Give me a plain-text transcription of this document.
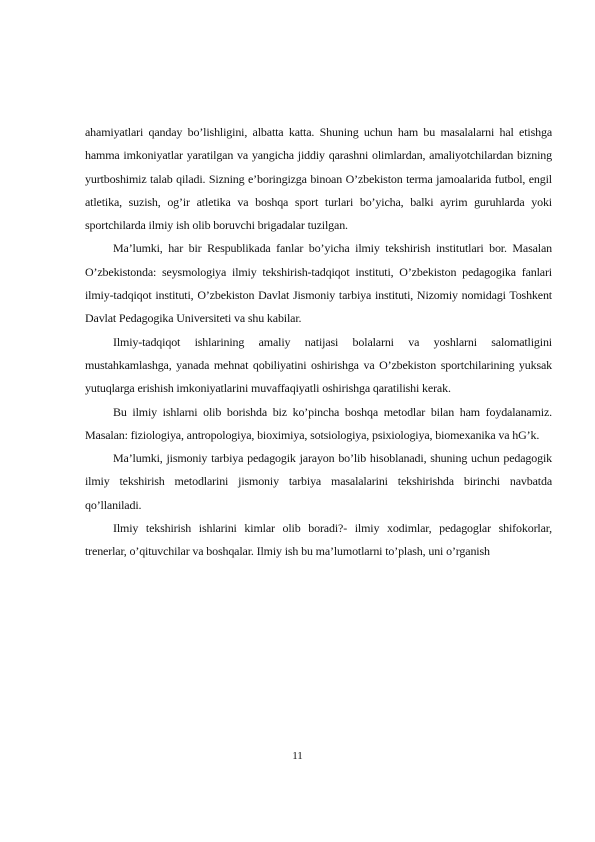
ahamiyatlari qanday bo’lishligini, albatta katta. Shuning uchun ham bu masalalarni hal etishga hamma imkoniyatlar yaratilgan va yangicha jiddiy qarashni olimlardan, amaliyotchilardan bizning yurtboshimiz talab qiladi. Sizning e’boringizga binoan O’zbekiston terma jamoalarida futbol, engil atletika, suzish, og’ir atletika va boshqa sport turlari bo’yicha, balki ayrim guruhlarda yoki sportchilarda ilmiy ish olib boruvchi brigadalar tuzilgan.

Ma’lumki, har bir Respublikada fanlar bo’yicha ilmiy tekshirish institutlari bor. Masalan O’zbekistonda: seysmologiya ilmiy tekshirish-tadqiqot instituti, O’zbekiston pedagogika fanlari ilmiy-tadqiqot instituti, O’zbekiston Davlat Jismoniy tarbiya instituti, Nizomiy nomidagi Toshkent Davlat Pedagogika Universiteti va shu kabilar.

Ilmiy-tadqiqot ishlarining amaliy natijasi bolalarni va yoshlarni salomatligini mustahkamlashga, yanada mehnat qobiliyatini oshirishga va O’zbekiston sportchilarining yuksak yutuqlarga erishish imkoniyatlarini muvaffaqiyatli oshirishga qaratilishi kerak.

Bu ilmiy ishlarni olib borishda biz ko’pincha boshqa metodlar bilan ham foydalanamiz. Masalan: fiziologiya, antropologiya, bioximiya, sotsiologiya, psixiologiya, biomexanika va hG’k.

Ma’lumki, jismoniy tarbiya pedagogik jarayon bo’lib hisoblanadi, shuning uchun pedagogik ilmiy tekshirish metodlarini jismoniy tarbiya masalalarini tekshirishda birinchi navbatda qo’llaniladi.

Ilmiy tekshirish ishlarini kimlar olib boradi?- ilmiy xodimlar, pedagoglar shifokorlar, trenerlar, o’qituvchilar va boshqalar. Ilmiy ish bu ma’lumotlarni to’plash, uni o’rganish

11
